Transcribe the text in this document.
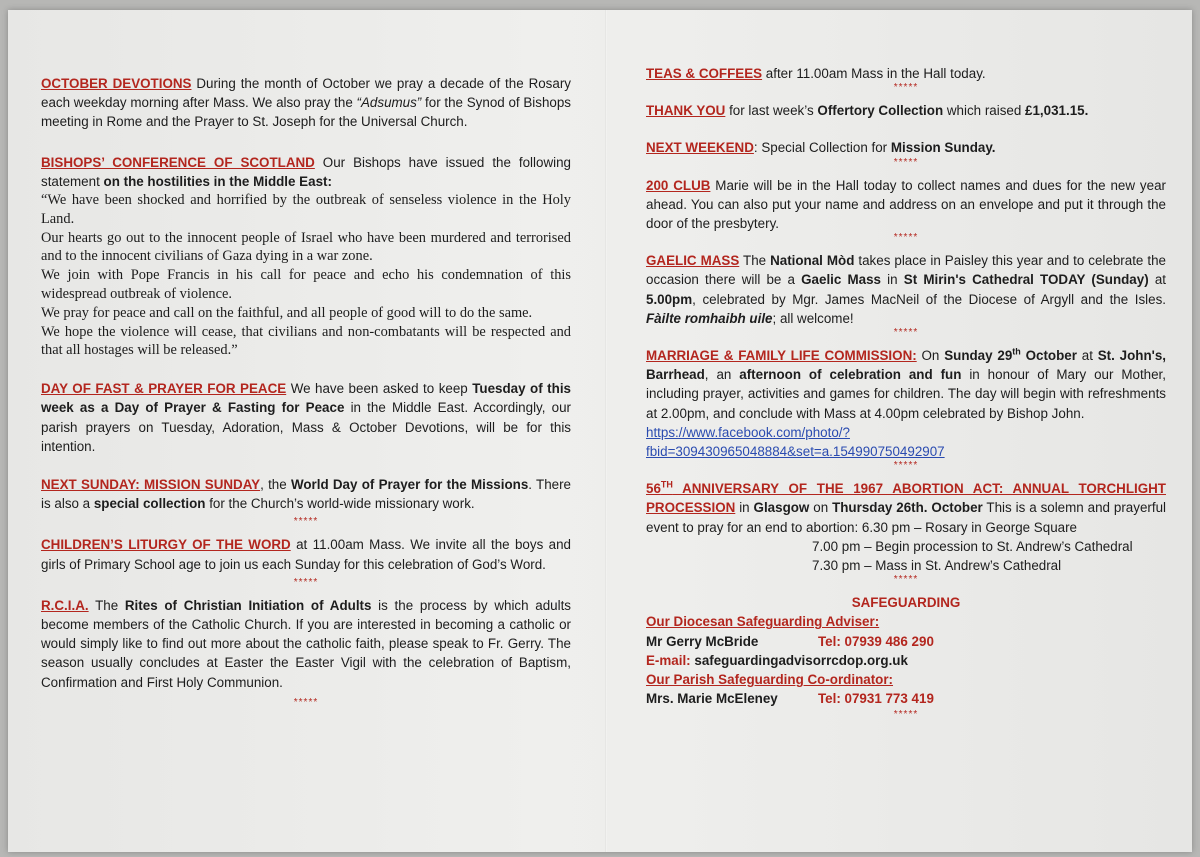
OCTOBER DEVOTIONS During the month of October we pray a decade of the Rosary each weekday morning after Mass. We also pray the “Adsumus” for the Synod of Bishops meeting in Rome and the Prayer to St. Joseph for the Universal Church.

BISHOPS’ CONFERENCE OF SCOTLAND Our Bishops have issued the following statement on the hostilities in the Middle East:

“We have been shocked and horrified by the outbreak of senseless violence in the Holy Land.

Our hearts go out to the innocent people of Israel who have been murdered and terrorised and to the innocent civilians of Gaza dying in a war zone.

We join with Pope Francis in his call for peace and echo his condemnation of this widespread outbreak of violence.

We pray for peace and call on the faithful, and all people of good will to do the same.

We hope the violence will cease, that civilians and non-combatants will be respected and that all hostages will be released.”

DAY OF FAST & PRAYER FOR PEACE We have been asked to keep Tuesday of this week as a Day of Prayer & Fasting for Peace in the Middle East. Accordingly, our parish prayers on Tuesday, Adoration, Mass & October Devotions, will be for this intention.

NEXT SUNDAY: MISSION SUNDAY, the World Day of Prayer for the Missions. There is also a special collection for the Church’s world-wide missionary work.

*****

CHILDREN’S LITURGY OF THE WORD at 11.00am Mass. We invite all the boys and girls of Primary School age to join us each Sunday for this celebration of God’s Word.

*****

R.C.I.A. The Rites of Christian Initiation of Adults is the process by which adults become members of the Catholic Church. If you are interested in becoming a catholic or would simply like to find out more about the catholic faith, please speak to Fr. Gerry. The season usually concludes at Easter the Easter Vigil with the celebration of Baptism, Confirmation and First Holy Communion.

*****

TEAS & COFFEES after 11.00am Mass in the Hall today.

*****

THANK YOU for last week’s Offertory Collection which raised £1,031.15.

NEXT WEEKEND: Special Collection for Mission Sunday.

*****

200 CLUB Marie will be in the Hall today to collect names and dues for the new year ahead. You can also put your name and address on an envelope and put it through the door of the presbytery.

*****

GAELIC MASS The National Mòd takes place in Paisley this year and to celebrate the occasion there will be a Gaelic Mass in St Mirin's Cathedral TODAY (Sunday) at 5.00pm, celebrated by Mgr. James MacNeil of the Diocese of Argyll and the Isles. Fàilte romhaibh uile; all welcome!

*****

MARRIAGE & FAMILY LIFE COMMISSION: On Sunday 29th October at St. John's, Barrhead, an afternoon of celebration and fun in honour of Mary our Mother, including prayer, activities and games for children. The day will begin with refreshments at 2.00pm, and conclude with Mass at 4.00pm celebrated by Bishop John.

https://www.facebook.com/photo/?
fbid=309430965048884&set=a.154990750492907

*****

56TH ANNIVERSARY OF THE 1967 ABORTION ACT: ANNUAL TORCHLIGHT PROCESSION in Glasgow on Thursday 26th. October This is a solemn and prayerful event to pray for an end to abortion: 6.30 pm – Rosary in George Square

7.00 pm – Begin procession to St. Andrew’s Cathedral

7.30 pm – Mass in St. Andrew’s Cathedral

*****

SAFEGUARDING

Our Diocesan Safeguarding Adviser:

Mr Gerry McBride	Tel: 07939 486 290

E-mail: safeguardingadvisorrcdop.org.uk

Our Parish Safeguarding Co-ordinator:

Mrs. Marie McEleney	Tel: 07931 773 419

*****
